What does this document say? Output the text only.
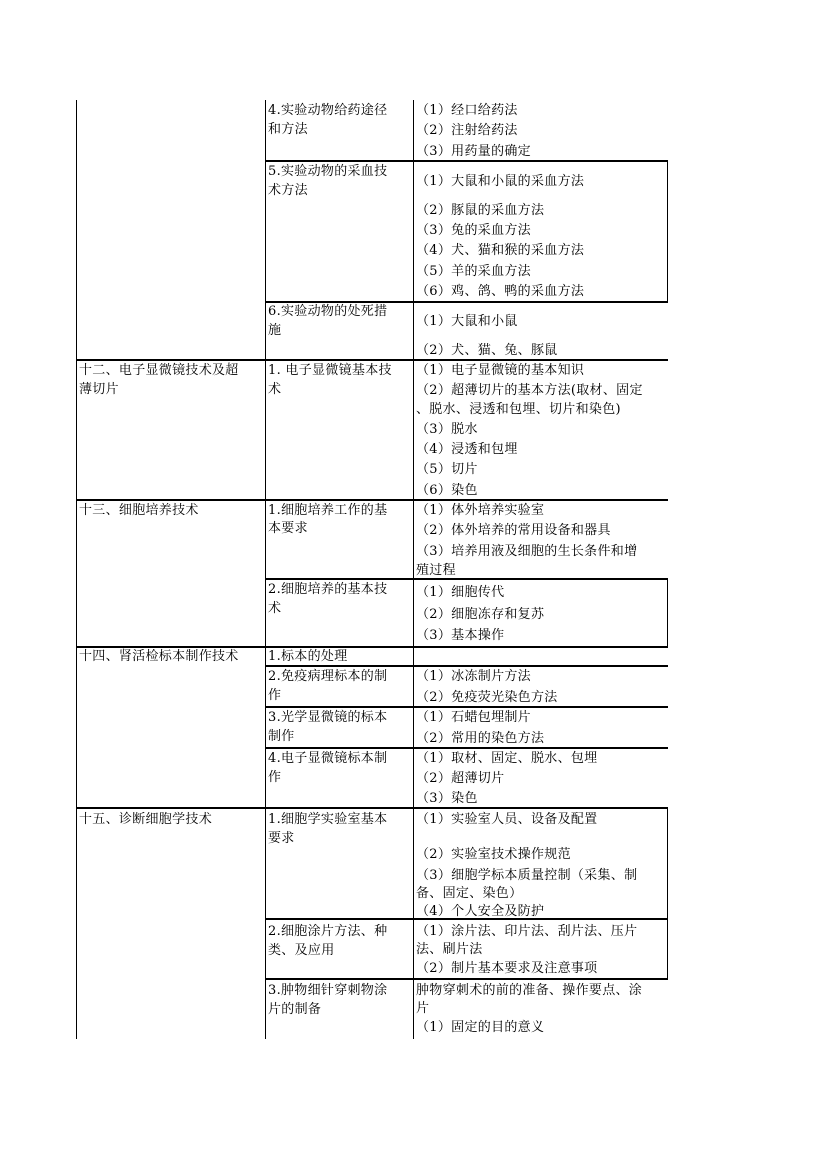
4.实验动物给药途径
和方法
（1）经口给药法
（2）注射给药法
（3）用药量的确定
5.实验动物的采血技
术方法
（1）大鼠和小鼠的采血方法
（2）豚鼠的采血方法
（3）兔的采血方法
（4）犬、猫和猴的采血方法
（5）羊的采血方法
（6）鸡、鸽、鸭的采血方法
6.实验动物的处死措
施
（1）大鼠和小鼠
（2）犬、猫、兔、豚鼠
十二、电子显微镜技术及超
薄切片
1. 电子显微镜基本技
术
（1）电子显微镜的基本知识
（2）超薄切片的基本方法(取材、固定
、脱水、浸透和包埋、切片和染色)
（3）脱水
（4）浸透和包埋
（5）切片
（6）染色
十三、细胞培养技术	1.细胞培养工作的基
本要求
（1）体外培养实验室
（2）体外培养的常用设备和器具
（3）培养用液及细胞的生长条件和增
殖过程
2.细胞培养的基本技
术
（1）细胞传代
（2）细胞冻存和复苏
（3）基本操作
十四、肾活检标本制作技术 1.标本的处理
2.免疫病理标本的制
作
（1）冰冻制片方法
（2）免疫荧光染色方法
3.光学显微镜的标本
制作
（1）石蜡包埋制片
（2）常用的染色方法
4.电子显微镜标本制
作
（1）取材、固定、脱水、包埋
（2）超薄切片
（3）染色
十五、诊断细胞学技术	1.细胞学实验室基本
要求
（1）实验室人员、设备及配置
（2）实验室技术操作规范
（3）细胞学标本质量控制（采集、制
备、固定、染色）
（4）个人安全及防护
2.细胞涂片方法、种
类、及应用
（1）涂片法、印片法、刮片法、压片
法、刷片法
（2）制片基本要求及注意事项
3.肿物细针穿刺物涂
片的制备
肿物穿刺术的前的准备、操作要点、涂
片
（1）固定的目的意义
